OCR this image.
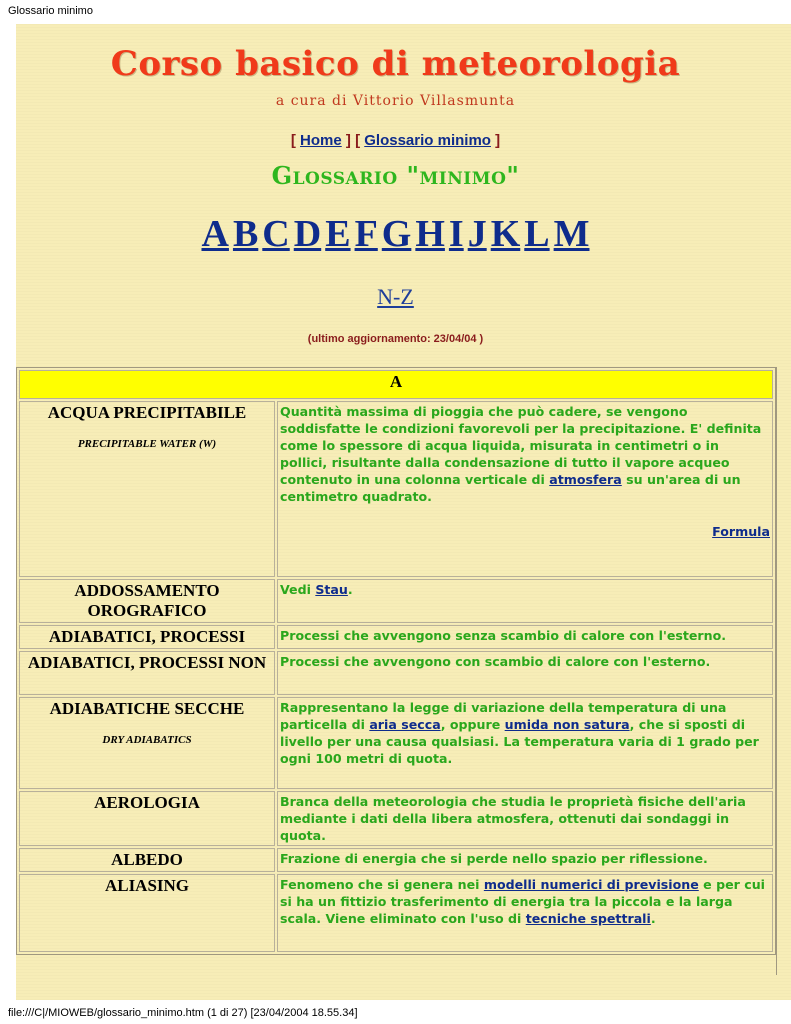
Glossario minimo
Corso basico di meteorologia
a cura di Vittorio Villasmunta
[ Home ] [ Glossario minimo ]
Glossario "minimo"
A B C D E F G H I J K L M
N-Z
(ultimo aggiornamento: 23/04/04 )
A	
ACQUA PRECIPITABILE
PRECIPITABLE WATER (W)	Quantità massima di pioggia che può cadere, se vengono soddisfatte le condizioni favorevoli per la precipitazione. E' definita come lo spessore di acqua liquida, misurata in centimetri o in pollici, risultante dalla condensazione di tutto il vapore acqueo contenuto in una colonna verticale di atmosfera su un'area di un centimetro quadrato.
Formula

ADDOSSAMENTO OROGRAFICO	Vedi Stau.
ADIABATICI, PROCESSI	Processi che avvengono senza scambio di calore con l'esterno.
ADIABATICI, PROCESSI NON	Processi che avvengono con scambio di calore con l'esterno.
ADIABATICHE SECCHE
DRY ADIABATICS	Rappresentano la legge di variazione della temperatura di una particella di aria secca, oppure umida non satura, che si sposti di livello per una causa qualsiasi. La temperatura varia di 1 grado per ogni 100 metri di quota.
AEROLOGIA	Branca della meteorologia che studia le proprietà fisiche dell'aria mediante i dati della libera atmosfera, ottenuti dai sondaggi in quota.
ALBEDO	Frazione di energia che si perde nello spazio per riflessione.
ALIASING	Fenomeno che si genera nei modelli numerici di previsione e per cui si ha un fittizio trasferimento di energia tra la piccola e la larga scala. Viene eliminato con l'uso di tecniche spettrali.
file:///C|/MIOWEB/glossario_minimo.htm (1 di 27) [23/04/2004 18.55.34]
